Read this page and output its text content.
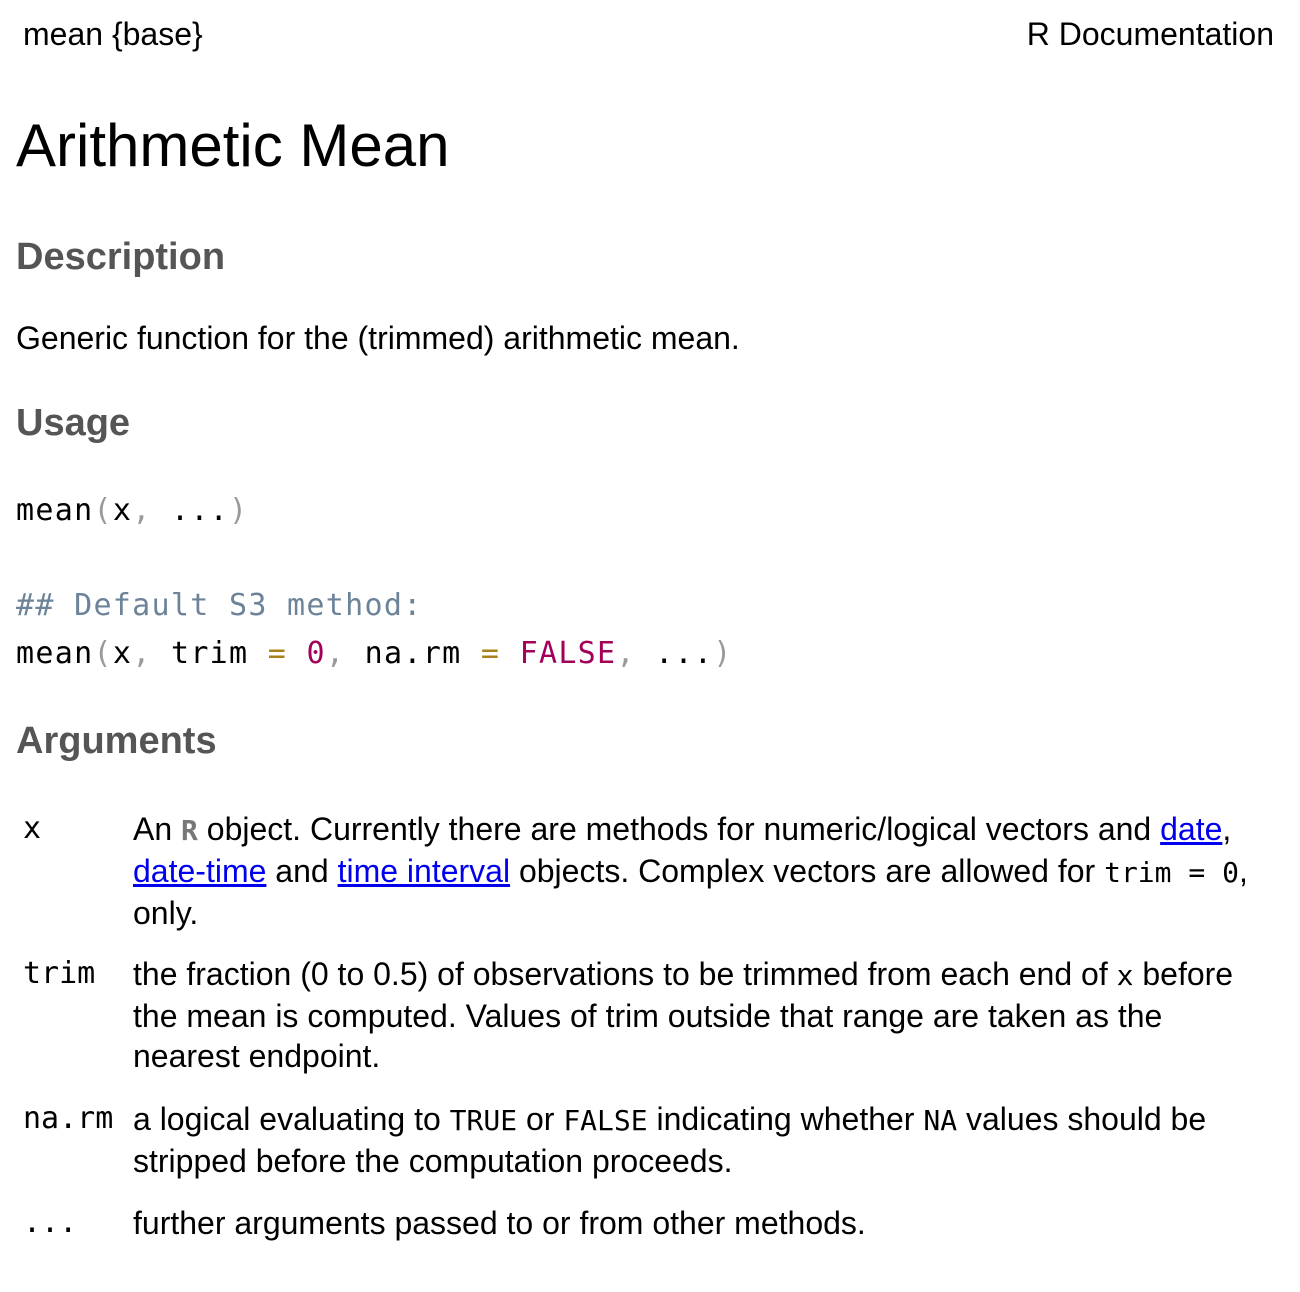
mean {base}	R Documentation
Arithmetic Mean
Description
Generic function for the (trimmed) arithmetic mean.
Usage
mean(x, ...)
## Default S3 method:
mean(x, trim = 0, na.rm = FALSE, ...)
Arguments
x	An R object. Currently there are methods for numeric/logical vectors and date, date-time and time interval objects. Complex vectors are allowed for trim = 0, only.
trim the fraction (0 to 0.5) of observations to be trimmed from each end of x before the mean is computed. Values of trim outside that range are taken as the nearest endpoint.
na.rm a logical evaluating to TRUE or FALSE indicating whether NA values should be stripped before the computation proceeds.
... further arguments passed to or from other methods.
